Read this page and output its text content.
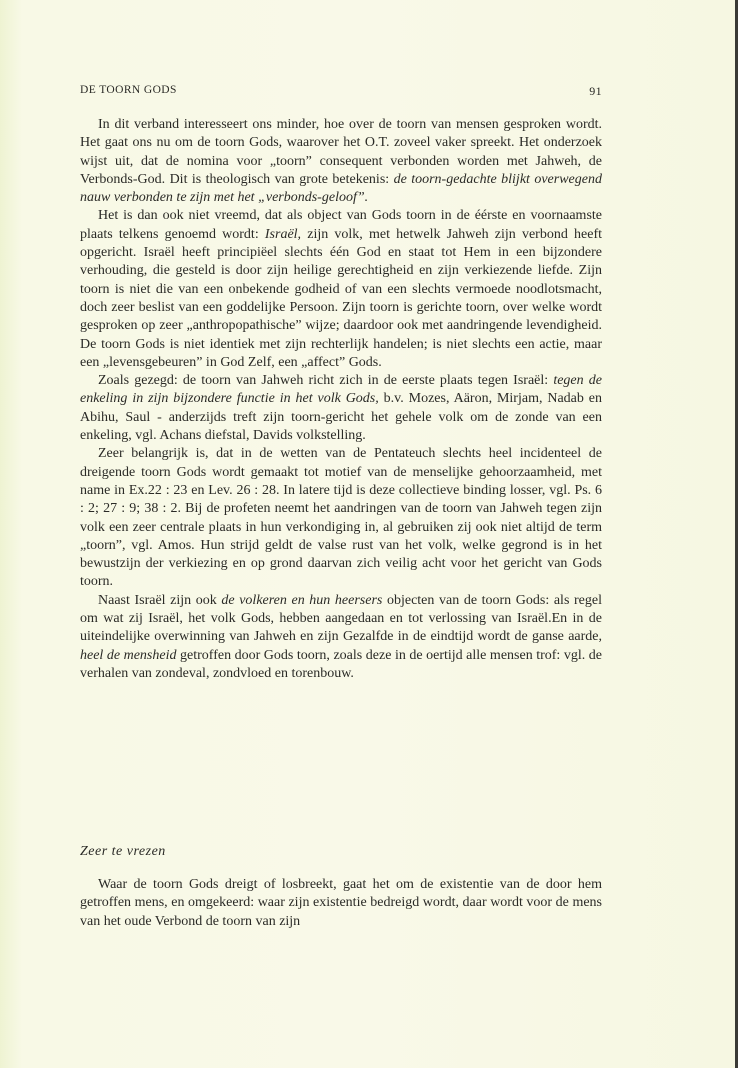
DE TOORN GODS	91

In dit verband interesseert ons minder, hoe over de toorn van mensen gesproken wordt. Het gaat ons nu om de toorn Gods, waarover het O.T. zoveel vaker spreekt. Het onderzoek wijst uit, dat de nomina voor „toorn” consequent verbonden worden met Jahweh, de Verbonds-God. Dit is theologisch van grote betekenis: de toorn-gedachte blijkt overwegend nauw verbonden te zijn met het „verbonds-geloof”.

Het is dan ook niet vreemd, dat als object van Gods toorn in de éérste en voornaamste plaats telkens genoemd wordt: Israël, zijn volk, met hetwelk Jahweh zijn verbond heeft opgericht. Israël heeft principiëel slechts één God en staat tot Hem in een bijzondere verhouding, die gesteld is door zijn heilige gerechtigheid en zijn verkiezende liefde. Zijn toorn is niet die van een onbekende godheid of van een slechts vermoede noodlotsmacht, doch zeer beslist van een goddelijke Persoon. Zijn toorn is gerichte toorn, over welke wordt gesproken op zeer „anthropopathische” wijze; daardoor ook met aandringende levendigheid. De toorn Gods is niet identiek met zijn rechterlijk handelen; is niet slechts een actie, maar een „levensgebeuren” in God Zelf, een „affect” Gods.

Zoals gezegd: de toorn van Jahweh richt zich in de eerste plaats tegen Israël: tegen de enkeling in zijn bijzondere functie in het volk Gods, b.v. Mozes, Aäron, Mirjam, Nadab en Abihu, Saul - anderzijds treft zijn toorn-gericht het gehele volk om de zonde van een enkeling, vgl. Achans diefstal, Davids volkstelling.

Zeer belangrijk is, dat in de wetten van de Pentateuch slechts heel incidenteel de dreigende toorn Gods wordt gemaakt tot motief van de menselijke gehoorzaamheid, met name in Ex.22 : 23 en Lev. 26 : 28. In latere tijd is deze collectieve binding losser, vgl. Ps. 6 : 2; 27 : 9; 38 : 2. Bij de profeten neemt het aandringen van de toorn van Jahweh tegen zijn volk een zeer centrale plaats in hun verkondiging in, al gebruiken zij ook niet altijd de term „toorn”, vgl. Amos. Hun strijd geldt de valse rust van het volk, welke gegrond is in het bewustzijn der verkiezing en op grond daarvan zich veilig acht voor het gericht van Gods toorn.

Naast Israël zijn ook de volkeren en hun heersers objecten van de toorn Gods: als regel om wat zij Israël, het volk Gods, hebben aangedaan en tot verlossing van Israël.En in de uiteindelijke overwinning van Jahweh en zijn Gezalfde in de eindtijd wordt de ganse aarde, heel de mensheid getroffen door Gods toorn, zoals deze in de oertijd alle mensen trof: vgl. de verhalen van zondeval, zondvloed en torenbouw.

Zeer te vrezen

Waar de toorn Gods dreigt of losbreekt, gaat het om de existentie van de door hem getroffen mens, en omgekeerd: waar zijn existentie bedreigd wordt, daar wordt voor de mens van het oude Verbond de toorn van zijn
